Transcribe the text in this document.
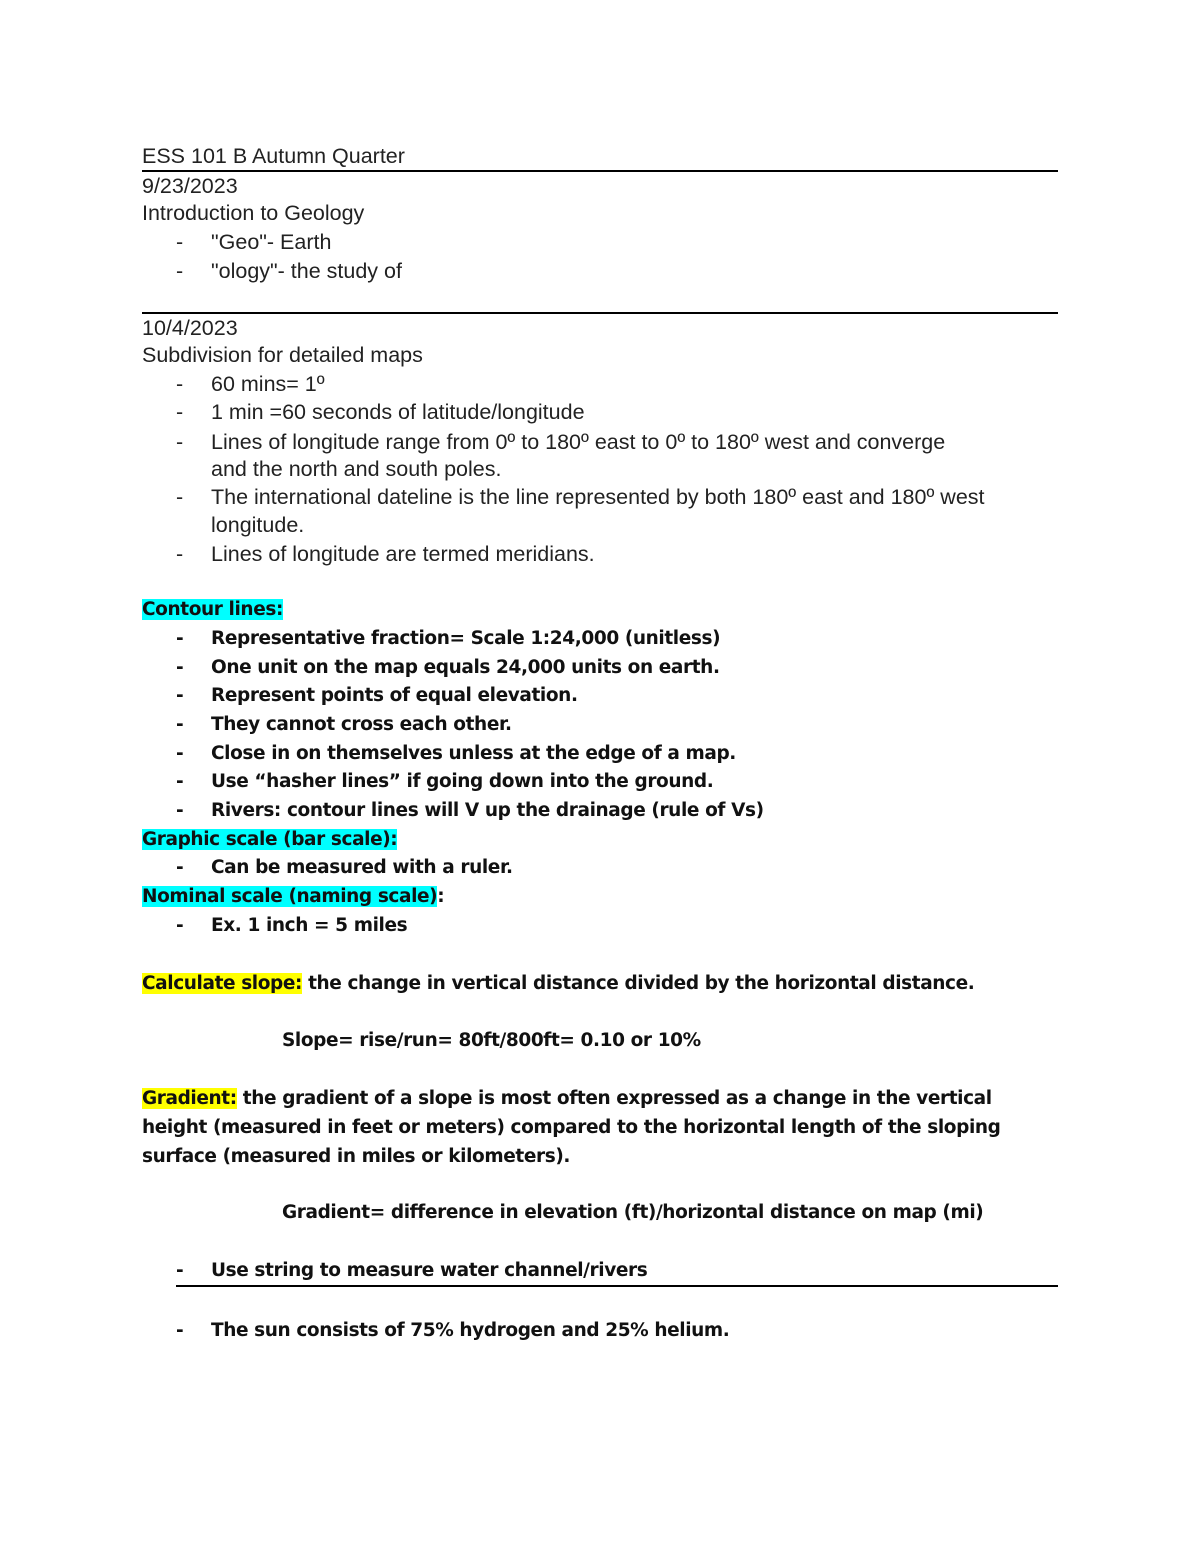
ESS 101 B Autumn Quarter
9/23/2023
Introduction to Geology
- "Geo"- Earth
- "ology"- the study of
10/4/2023
Subdivision for detailed maps
- 60 mins= 1º
- 1 min =60 seconds of latitude/longitude
- Lines of longitude range from 0º to 180º east to 0º to 180º west and converge
and the north and south poles.
- The international dateline is the line represented by both 180º east and 180º west
longitude.
- Lines of longitude are termed meridians.
Contour lines:
- Representative fraction= Scale 1:24,000 (unitless)
- One unit on the map equals 24,000 units on earth.
- Represent points of equal elevation.
- They cannot cross each other.
- Close in on themselves unless at the edge of a map.
- Use “hasher lines” if going down into the ground.
- Rivers: contour lines will V up the drainage (rule of Vs)
Graphic scale (bar scale):
- Can be measured with a ruler.
Nominal scale (naming scale):
- Ex. 1 inch = 5 miles
Calculate slope: the change in vertical distance divided by the horizontal distance.
Slope= rise/run= 80ft/800ft= 0.10 or 10%
Gradient: the gradient of a slope is most often expressed as a change in the vertical height (measured in feet or meters) compared to the horizontal length of the sloping surface (measured in miles or kilometers).
Gradient= difference in elevation (ft)/horizontal distance on map (mi)
- Use string to measure water channel/rivers
- The sun consists of 75% hydrogen and 25% helium.
